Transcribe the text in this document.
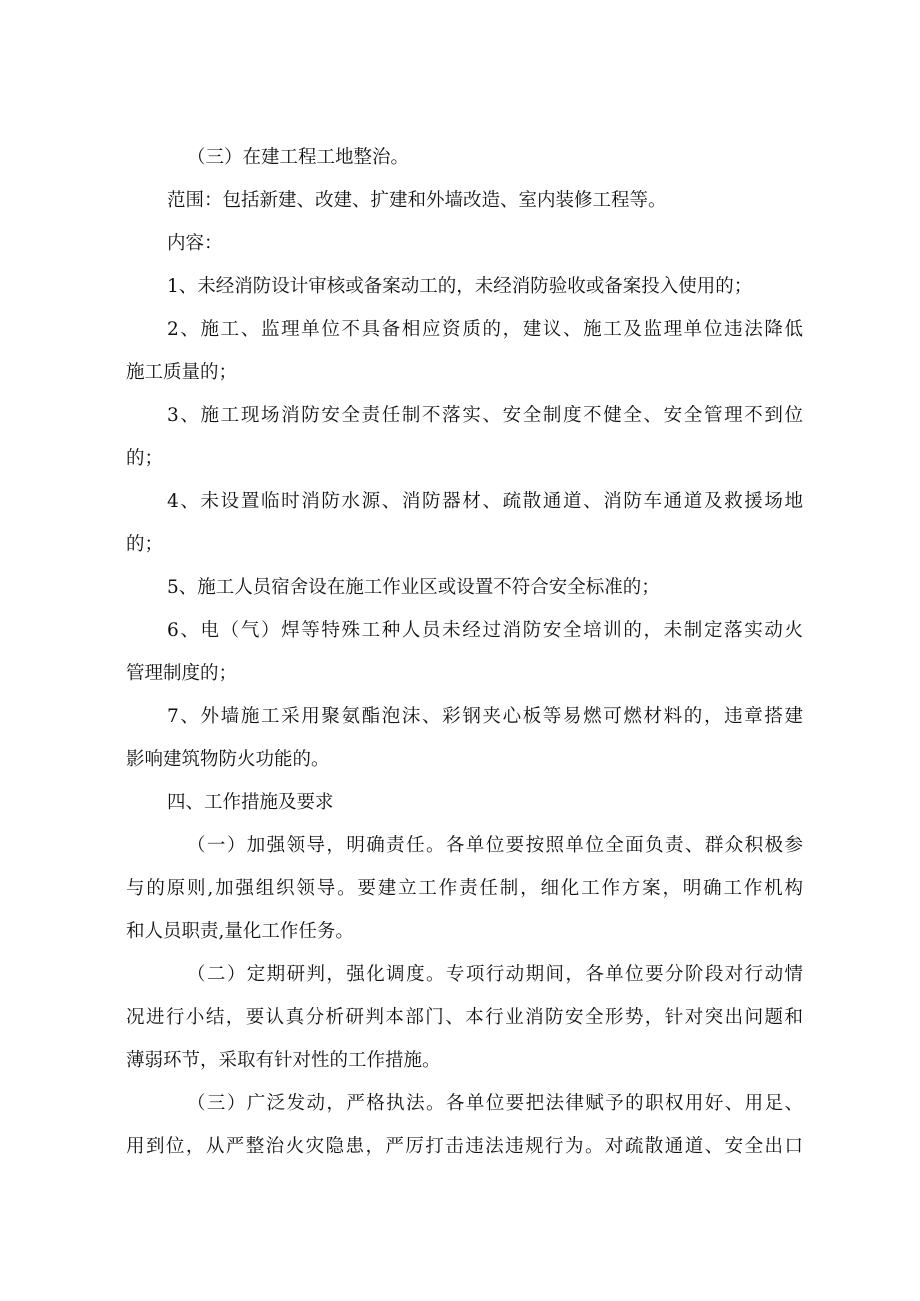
（三）在建工程工地整治。

范围：包括新建、改建、扩建和外墙改造、室内装修工程等。

内容：

1、未经消防设计审核或备案动工的，未经消防验收或备案投入使用的；

2、施工、监理单位不具备相应资质的，建议、施工及监理单位违法降低

施工质量的；

3、施工现场消防安全责任制不落实、安全制度不健全、安全管理不到位

的；

4、未设置临时消防水源、消防器材、疏散通道、消防车通道及救援场地

的；

5、施工人员宿舍设在施工作业区或设置不符合安全标准的；

6、电（气）焊等特殊工种人员未经过消防安全培训的，未制定落实动火

管理制度的；

7、外墙施工采用聚氨酯泡沫、彩钢夹心板等易燃可燃材料的，违章搭建

影响建筑物防火功能的。

四、工作措施及要求

（一）加强领导，明确责任。各单位要按照单位全面负责、群众积极参

与的原则,加强组织领导。要建立工作责任制，细化工作方案，明确工作机构

和人员职责,量化工作任务。

（二）定期研判，强化调度。专项行动期间，各单位要分阶段对行动情

况进行小结，要认真分析研判本部门、本行业消防安全形势，针对突出问题和

薄弱环节，采取有针对性的工作措施。

（三）广泛发动，严格执法。各单位要把法律赋予的职权用好、用足、

用到位，从严整治火灾隐患，严厉打击违法违规行为。对疏散通道、安全出口
